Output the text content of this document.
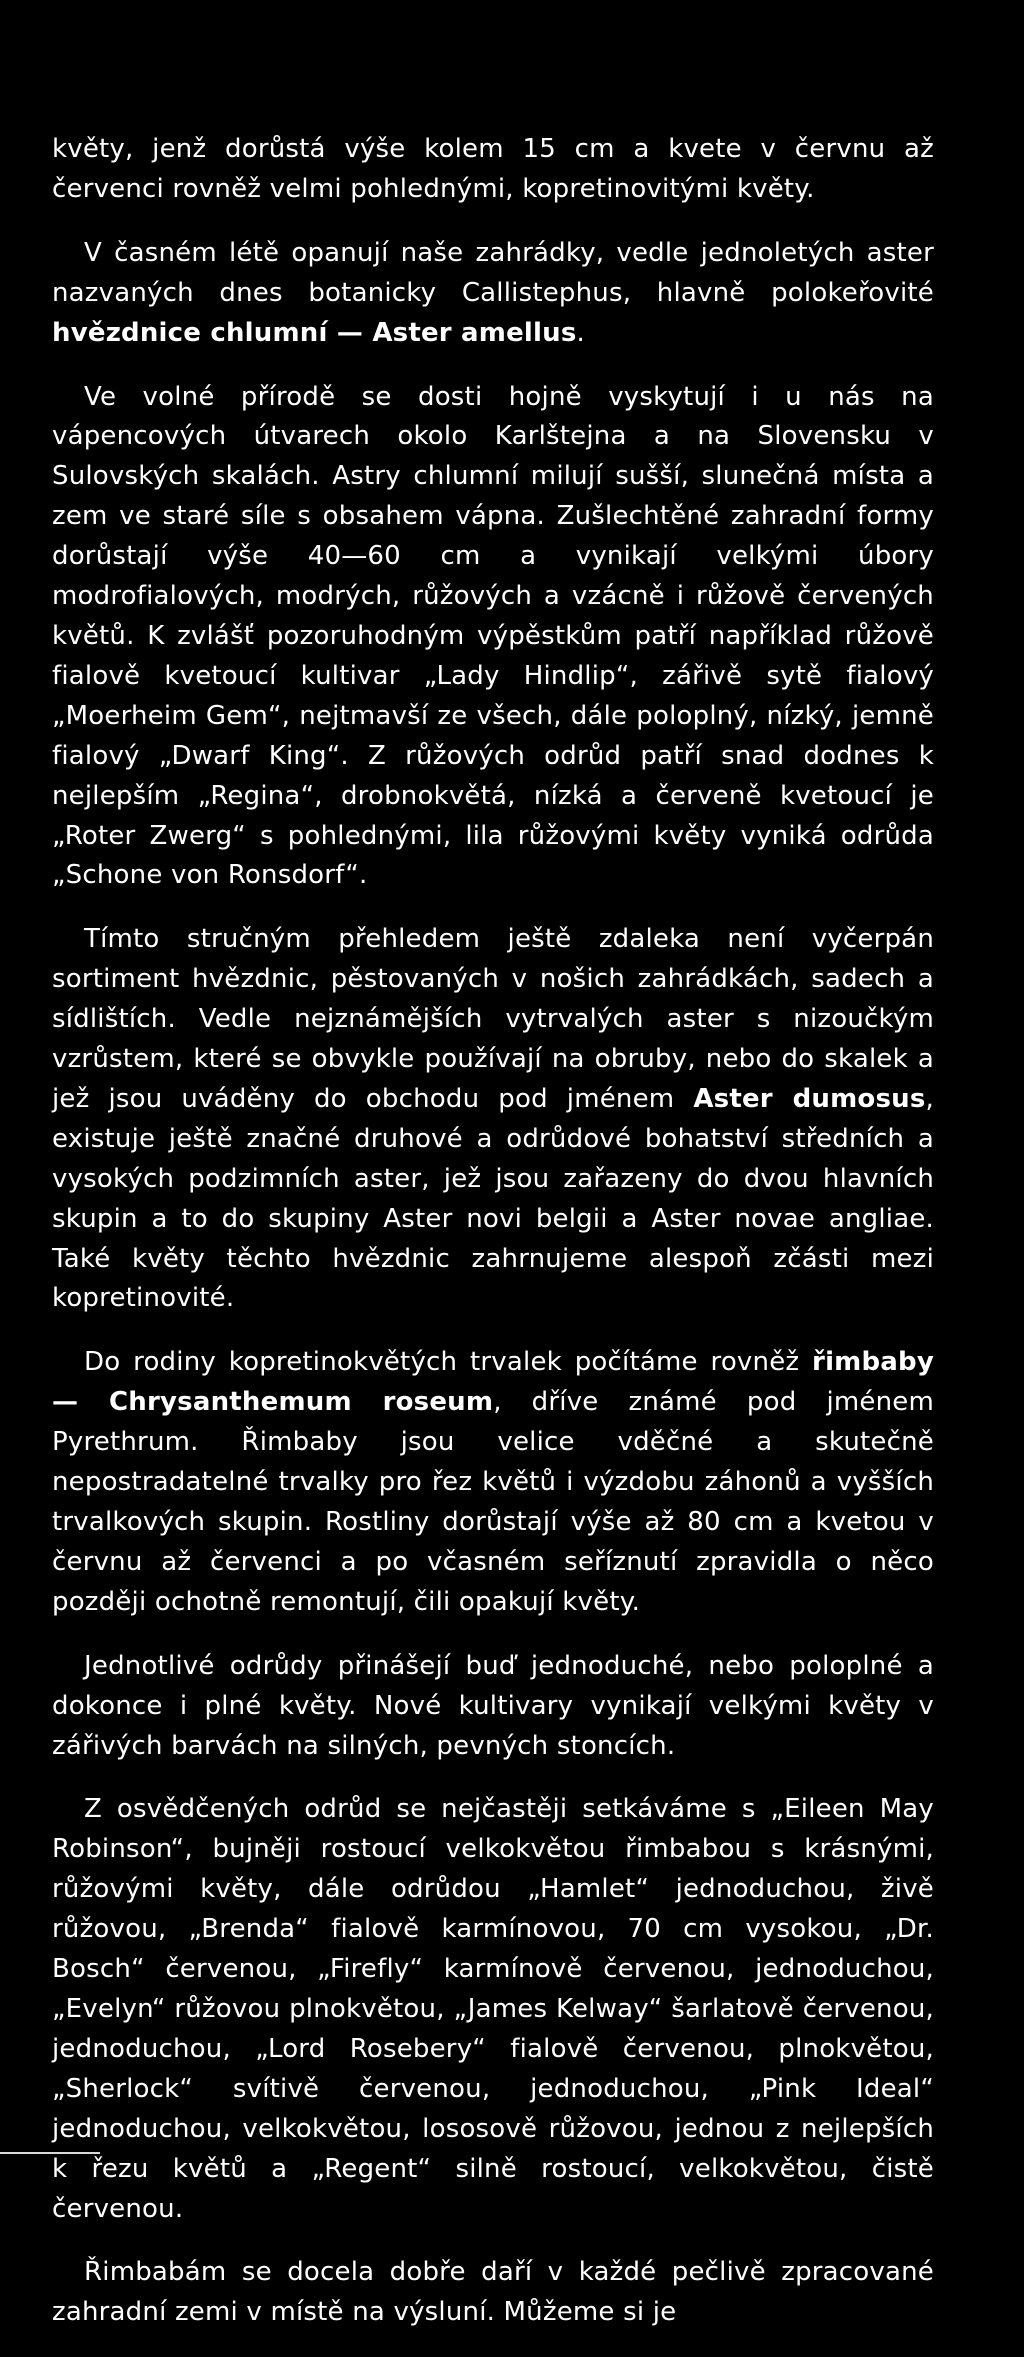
květy, jenž dorůstá výše kolem 15 cm a kvete v červnu až červenci rovněž velmi pohlednými, kopretinovitými květy.

V časném létě opanují naše zahrádky, vedle jednoletých aster nazvaných dnes botanicky Callistephus, hlavně polokeřovité hvězdnice chlumní — Aster amellus.

Ve volné přírodě se dosti hojně vyskytují i u nás na vápencových útvarech okolo Karlštejna a na Slovensku v Sulovských skalách. Astry chlumní milují sušší, slunečná místa a zem ve staré síle s obsahem vápna. Zušlechtěné zahradní formy dorůstají výše 40—60 cm a vynikají velkými úbory modrofialových, modrých, růžových a vzácně i růžově červených květů. K zvlášť pozoruhodným výpěstkům patří například růžově fialově kvetoucí kultivar „Lady Hindlip“, zářivě sytě fialový „Moerheim Gem“, nejtmavší ze všech, dále poloplný, nízký, jemně fialový „Dwarf King“. Z růžových odrůd patří snad dodnes k nejlepším „Regina“, drobnokvětá, nízká a červeně kvetoucí je „Roter Zwerg“ s pohlednými, lila růžovými květy vyniká odrůda „Schone von Ronsdorf“.

Tímto stručným přehledem ještě zdaleka není vyčerpán sortiment hvězdnic, pěstovaných v nošich zahrádkách, sadech a sídlištích. Vedle nejznámějších vytrvalých aster s nizoučkým vzrůstem, které se obvykle používají na obruby, nebo do skalek a jež jsou uváděny do obchodu pod jménem Aster dumosus, existuje ještě značné druhové a odrůdové bohatství středních a vysokých podzimních aster, jež jsou zařazeny do dvou hlavních skupin a to do skupiny Aster novi belgii a Aster novae angliae. Také květy těchto hvězdnic zahrnujeme alespoň zčásti mezi kopretinovité.

Do rodiny kopretinokvětých trvalek počítáme rovněž řimbaby — Chrysanthemum roseum, dříve známé pod jménem Pyrethrum. Řimbaby jsou velice vděčné a skutečně nepostradatelné trvalky pro řez květů i výzdobu záhonů a vyšších trvalkových skupin. Rostliny dorůstají výše až 80 cm a kvetou v červnu až červenci a po včasném seříznutí zpravidla o něco později ochotně remontují, čili opakují květy.

Jednotlivé odrůdy přinášejí buď jednoduché, nebo poloplné a dokonce i plné květy. Nové kultivary vynikají velkými květy v zářivých barvách na silných, pevných stoncích.

Z osvědčených odrůd se nejčastěji setkáváme s „Eileen May Robinson“, bujněji rostoucí velkokvětou řimbabou s krásnými, růžovými květy, dále odrůdou „Hamlet“ jednoduchou, živě růžovou, „Brenda“ fialově karmínovou, 70 cm vysokou, „Dr. Bosch“ červenou, „Firefly“ karmínově červenou, jednoduchou, „Evelyn“ růžovou plnokvětou, „James Kelway“ šarlatově červenou, jednoduchou, „Lord Rosebery“ fialově červenou, plnokvětou, „Sherlock“ svítivě červenou, jednoduchou, „Pink Ideal“ jednoduchou, velkokvětou, lososově růžovou, jednou z nejlepších k řezu květů a „Regent“ silně rostoucí, velkokvětou, čistě červenou.

Řimbabám se docela dobře daří v každé pečlivě zpracované zahradní zemi v místě na výsluní. Můžeme si je
